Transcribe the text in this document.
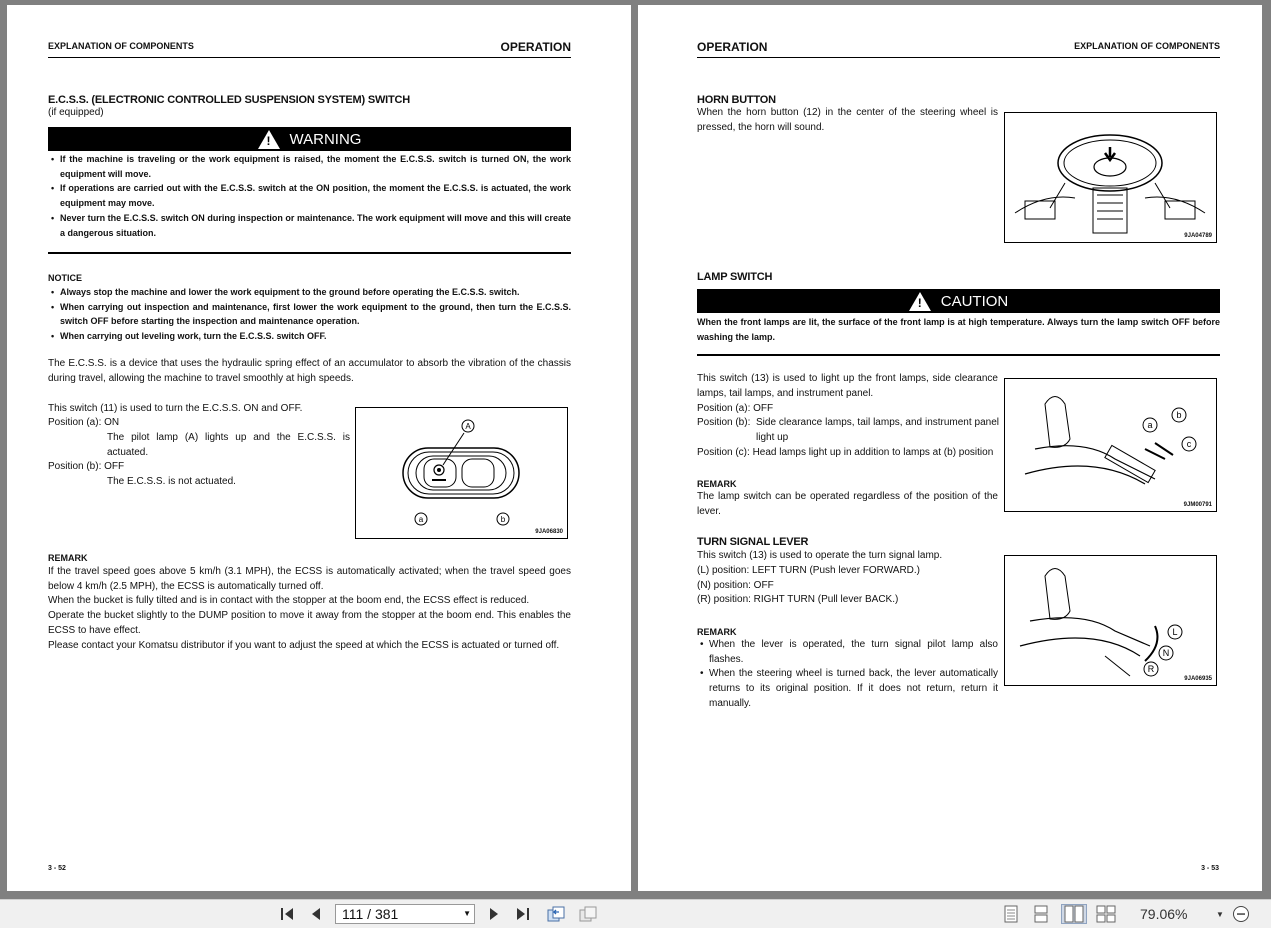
EXPLANATION OF COMPONENTS	OPERATION
E.C.S.S. (ELECTRONIC CONTROLLED SUSPENSION SYSTEM) SWITCH
(if equipped)
! WARNING
• If the machine is traveling or the work equipment is raised, the moment the E.C.S.S. switch is turned ON, the work equipment will move.
• If operations are carried out with the E.C.S.S. switch at the ON position, the moment the E.C.S.S. is actuated, the work equipment may move.
• Never turn the E.C.S.S. switch ON during inspection or maintenance. The work equipment will move and this will create a dangerous situation.
NOTICE
• Always stop the machine and lower the work equipment to the ground before operating the E.C.S.S. switch.
• When carrying out inspection and maintenance, first lower the work equipment to the ground, then turn the E.C.S.S. switch OFF before starting the inspection and maintenance operation.
• When carrying out leveling work, turn the E.C.S.S. switch OFF.
The E.C.S.S. is a device that uses the hydraulic spring effect of an accumulator to absorb the vibration of the chassis during travel, allowing the machine to travel smoothly at high speeds.
This switch (11) is used to turn the E.C.S.S. ON and OFF.
Position (a): ON
The pilot lamp (A) lights up and the E.C.S.S. is actuated.
Position (b): OFF
The E.C.S.S. is not actuated.
A
a	b
9JA06830
REMARK
If the travel speed goes above 5 km/h (3.1 MPH), the ECSS is automatically activated; when the travel speed goes below 4 km/h (2.5 MPH), the ECSS is automatically turned off.
When the bucket is fully tilted and is in contact with the stopper at the boom end, the ECSS effect is reduced.
Operate the bucket slightly to the DUMP position to move it away from the stopper at the boom end. This enables the ECSS to have effect.
Please contact your Komatsu distributor if you want to adjust the speed at which the ECSS is actuated or turned off.
3 - 52
OPERATION	EXPLANATION OF COMPONENTS
HORN BUTTON
When the horn button (12) in the center of the steering wheel is pressed, the horn will sound.
9JA04789
LAMP SWITCH
! CAUTION
When the front lamps are lit, the surface of the front lamp is at high temperature. Always turn the lamp switch OFF before washing the lamp.
This switch (13) is used to light up the front lamps, side clearance lamps, tail lamps, and instrument panel.
Position (a): OFF
Position (b): Side clearance lamps, tail lamps, and instrument panel light up
Position (c): Head lamps light up in addition to lamps at (b) position
REMARK
The lamp switch can be operated regardless of the position of the lever.
a
b
c
9JM00791
TURN SIGNAL LEVER
This switch (13) is used to operate the turn signal lamp.
(L) position: LEFT TURN (Push lever FORWARD.)
(N) position: OFF
(R) position: RIGHT TURN (Pull lever BACK.)
REMARK
• When the lever is operated, the turn signal pilot lamp also flashes.
• When the steering wheel is turned back, the lever automatically returns to its original position. If it does not return, return it manually.
L
N
R
9JA06935
3 - 53
111 / 381	▼	79.06%	▼
